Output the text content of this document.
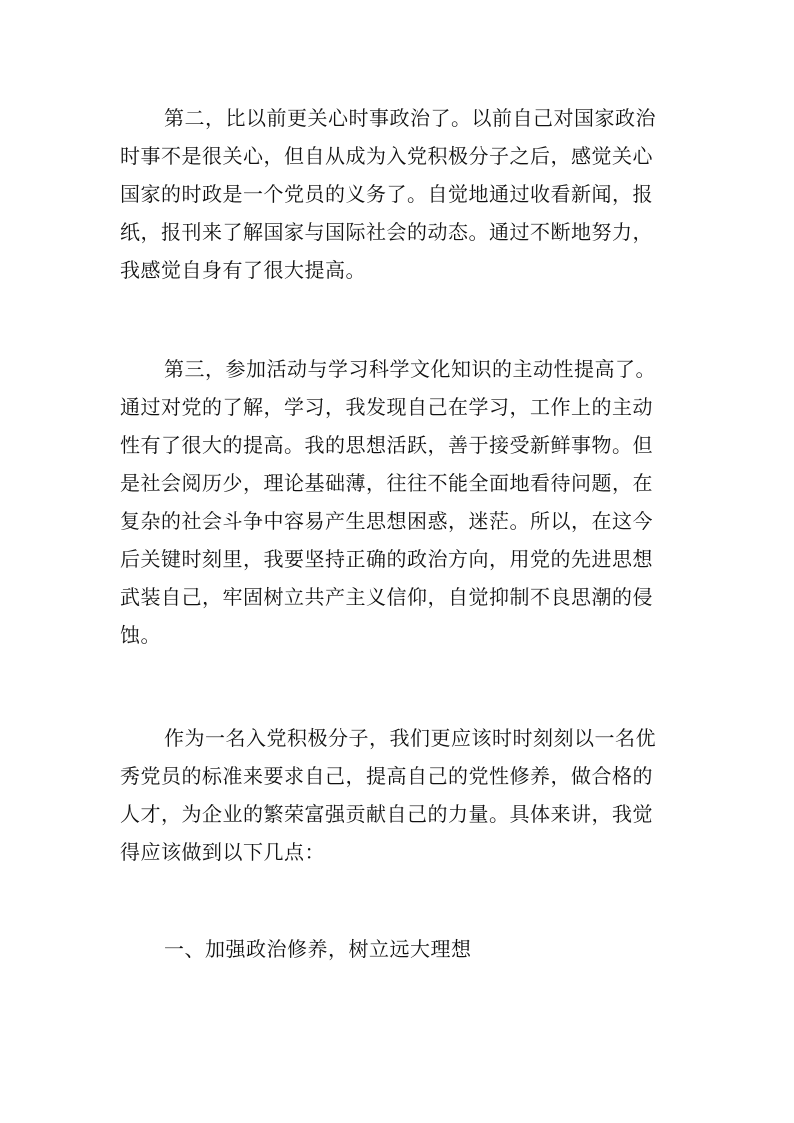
第二，比以前更关心时事政治了。以前自己对国家政治
时事不是很关心，但自从成为入党积极分子之后，感觉关心
国家的时政是一个党员的义务了。自觉地通过收看新闻，报
纸，报刊来了解国家与国际社会的动态。通过不断地努力，
我感觉自身有了很大提高。
第三，参加活动与学习科学文化知识的主动性提高了。
通过对党的了解，学习，我发现自己在学习，工作上的主动
性有了很大的提高。我的思想活跃，善于接受新鲜事物。但
是社会阅历少，理论基础薄，往往不能全面地看待问题，在
复杂的社会斗争中容易产生思想困惑，迷茫。所以，在这今
后关键时刻里，我要坚持正确的政治方向，用党的先进思想
武装自己，牢固树立共产主义信仰，自觉抑制不良思潮的侵
蚀。
作为一名入党积极分子，我们更应该时时刻刻以一名优
秀党员的标准来要求自己，提高自己的党性修养，做合格的
人才，为企业的繁荣富强贡献自己的力量。具体来讲，我觉
得应该做到以下几点：
一、加强政治修养，树立远大理想
